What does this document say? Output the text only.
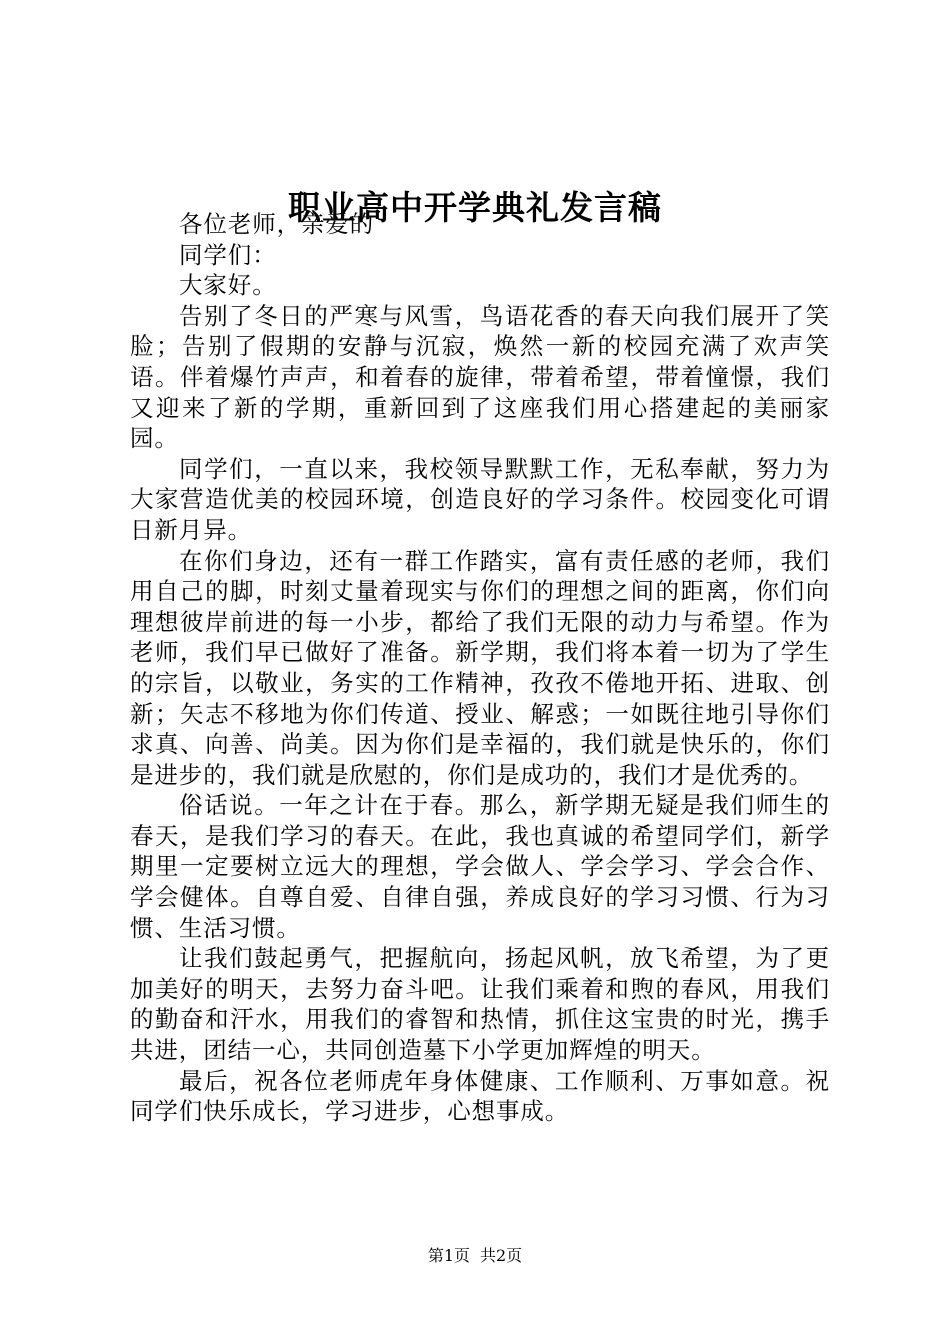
职业高中开学典礼发言稿

各位老师，亲爱的

同学们：

大家好。

告别了冬日的严寒与风雪，鸟语花香的春天向我们展开了笑脸；告别了假期的安静与沉寂，焕然一新的校园充满了欢声笑语。伴着爆竹声声，和着春的旋律，带着希望，带着憧憬，我们又迎来了新的学期，重新回到了这座我们用心搭建起的美丽家园。

同学们，一直以来，我校领导默默工作，无私奉献，努力为大家营造优美的校园环境，创造良好的学习条件。校园变化可谓日新月异。

在你们身边，还有一群工作踏实，富有责任感的老师，我们用自己的脚，时刻丈量着现实与你们的理想之间的距离，你们向理想彼岸前进的每一小步，都给了我们无限的动力与希望。作为老师，我们早已做好了准备。新学期，我们将本着一切为了学生的宗旨，以敬业，务实的工作精神，孜孜不倦地开拓、进取、创新；矢志不移地为你们传道、授业、解惑；一如既往地引导你们求真、向善、尚美。因为你们是幸福的，我们就是快乐的，你们是进步的，我们就是欣慰的，你们是成功的，我们才是优秀的。

俗话说。一年之计在于春。那么，新学期无疑是我们师生的春天，是我们学习的春天。在此，我也真诚的希望同学们，新学期里一定要树立远大的理想，学会做人、学会学习、学会合作、学会健体。自尊自爱、自律自强，养成良好的学习习惯、行为习惯、生活习惯。

让我们鼓起勇气，把握航向，扬起风帆，放飞希望，为了更加美好的明天，去努力奋斗吧。让我们乘着和煦的春风，用我们的勤奋和汗水，用我们的睿智和热情，抓住这宝贵的时光，携手共进，团结一心，共同创造墓下小学更加辉煌的明天。

最后，祝各位老师虎年身体健康、工作顺利、万事如意。祝同学们快乐成长，学习进步，心想事成。

第1页 共2页
